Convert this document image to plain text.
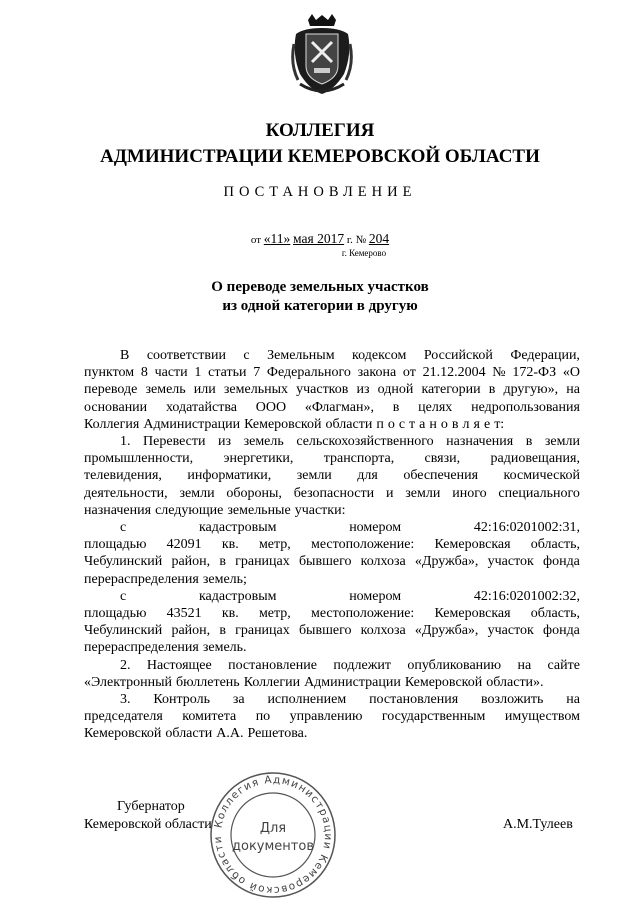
КОЛЛЕГИЯ
АДМИНИСТРАЦИИ КЕМЕРОВСКОЙ ОБЛАСТИ
ПОСТАНОВЛЕНИЕ
от «11» мая 2017 г. № 204
г. Кемерово
О переводе земельных участков
из одной категории в другую
В соответствии с Земельным кодексом Российской Федерации,
пунктом 8 части 1 статьи 7 Федерального закона от 21.12.2004 № 172-ФЗ «О
переводе земель или земельных участков из одной категории в другую», на
основании ходатайства ООО «Флагман», в целях недропользования
Коллегия Администрации Кемеровской области п о с т а н о в л я е т:
1. Перевести из земель сельскохозяйственного назначения в земли
промышленности, энергетики, транспорта, связи, радиовещания,
телевидения, информатики, земли для обеспечения космической
деятельности, земли обороны, безопасности и земли иного специального
назначения следующие земельные участки:
с	кадастровым	номером	42:16:0201002:31,
площадью 42091 кв. метр, местоположение: Кемеровская область,
Чебулинский район, в границах бывшего колхоза «Дружба», участок фонда
перераспределения земель;
с	кадастровым	номером	42:16:0201002:32,
площадью 43521 кв. метр, местоположение: Кемеровская область,
Чебулинский район, в границах бывшего колхоза «Дружба», участок фонда
перераспределения земель.
2. Настоящее постановление подлежит опубликованию на сайте
«Электронный бюллетень Коллегии Администрации Кемеровской области».
3. Контроль за исполнением постановления возложить на
председателя комитета по управлению государственным имуществом
Кемеровской области А.А. Решетова.
Коллегия Администрации Кемеровской области
Для
документов
Губернатор
Кемеровской области	А.М.Тулеев
